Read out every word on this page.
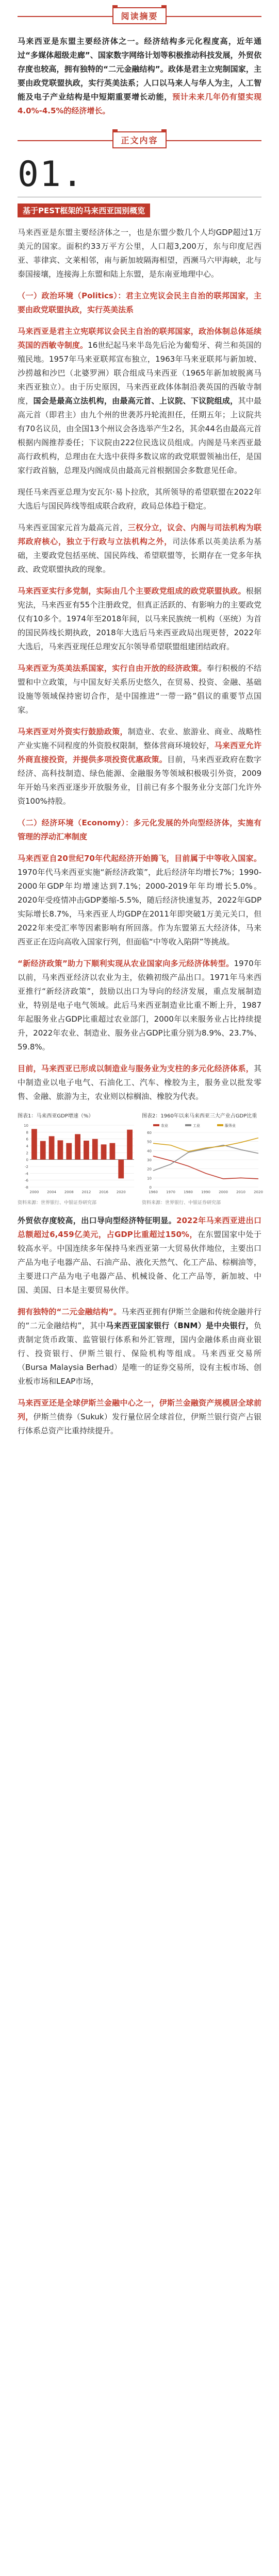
阅读摘要

马来西亚是东盟主要经济体之一。经济结构多元化程度高，近年通过“多媒体超级走廊”、国家数字网络计划等积极推动科技发展，外贸依存度也较高，拥有独特的“二元金融结构”。政体是君主立宪制国家，主要由政党联盟执政，实行英美法系；人口以马来人与华人为主，人工智能及电子产业结构是中短期重要增长动能，预计未来几年仍有望实现4.0%-4.5%的经济增长。

正文内容
01.
基于PEST框架的马来西亚国别概览

马来西亚是东盟主要经济体之一，也是东盟少数几个人均GDP超过1万美元的国家。面积约33万平方公里，人口超3,200万，东与印度尼西亚、菲律宾、文莱相邻，南与新加坡隔海相望，西濒马六甲海峡，北与泰国接壤，连接海上东盟和陆上东盟，是东南亚地理中心。

（一）政治环境（Politics）：君主立宪议会民主自治的联邦国家，主要由政党联盟执政，实行英美法系

马来西亚是君主立宪联邦议会民主自治的联邦国家，政治体制总体延续英国的西敏寺制度。16世纪起马来半岛先后沦为葡萄牙、荷兰和英国的殖民地。1957年马来亚联邦宣布独立，1963年马来亚联邦与新加坡、沙捞越和沙巴（北婆罗洲）联合组成马来西亚（1965年新加坡脱离马来西亚独立）。由于历史原因，马来西亚政体体制沿袭英国的西敏寺制度，国会是最高立法机构，由最高元首、上议院、下议院组成，其中最高元首（即君主）由九个州的世袭苏丹轮流担任，任期五年；上议院共有70名议员，由全国13个州议会各选举产生2名，其余44名由最高元首根据内阁推荐委任；下议院由222位民选议员组成。内阁是马来西亚最高行政机构，总理由在大选中获得多数议席的政党联盟领袖出任，是国家行政首脑，总理及内阁成员由最高元首根据国会多数意见任命。

现任马来西亚总理为安瓦尔·易卜拉欣，其所领导的希望联盟在2022年大选后与国民阵线等组成联合政府，政局总体趋于稳定。

马来西亚国家元首为最高元首，三权分立，议会、内阁与司法机构为联邦政府核心，独立于行政与立法机构之外，司法体系以英美法系为基础，主要政党包括巫统、国民阵线、希望联盟等，长期存在一党多年执政、政党联盟执政的现象。

马来西亚实行多党制，实际由几个主要政党组成的政党联盟执政。根据宪法，马来西亚有55个注册政党，但真正活跃的、有影响力的主要政党仅有10多个。1974年至2018年间，以马来民族统一机构（巫统）为首的国民阵线长期执政，2018年大选后马来西亚政局出现更替，2022年大选后，马来西亚现任总理安瓦尔领导希望联盟组建团结政府。

马来西亚为英美法系国家，实行自由开放的经济政策。奉行积极的不结盟和中立政策，与中国友好关系历史悠久，在贸易、投资、金融、基础设施等领域保持密切合作，是中国推进“一带一路”倡议的重要节点国家。

马来西亚对外资实行鼓励政策，制造业、农业、旅游业、商业、战略性产业实施不同程度的外资股权限制，整体营商环境较好，马来西亚允许外商直接投资，并提供多项投资优惠政策。目前，马来西亚政府在数字经济、高科技制造、绿色能源、金融服务等领域积极吸引外资，2009年开始马来西亚逐步开放服务业，目前已有多个服务业分支部门允许外资100%持股。

（二）经济环境（Economy）：多元化发展的外向型经济体，实施有管理的浮动汇率制度

马来西亚自20世纪70年代起经济开始腾飞，目前属于中等收入国家。1970年代马来西亚实施“新经济政策”，此后经济年均增长7%；1990-2000年GDP年均增速达到7.1%；2000-2019年年均增长5.0%。2020年受疫情冲击GDP萎缩-5.5%，随后经济快速复苏，2022年GDP实际增长8.7%，马来西亚人均GDP在2011年即突破1万美元关口，但2022年来受汇率等因素影响有所回落。作为东盟第五大经济体，马来西亚正在迈向高收入国家行列，但面临“中等收入陷阱”等挑战。

“新经济政策”助力下顺利实现从农业国家向多元经济体转型。1970年以前，马来西亚经济以农业为主，依赖初级产品出口。1971年马来西亚推行“新经济政策”，鼓励以出口为导向的经济发展，重点发展制造业，特别是电子电气领域。此后马来西亚制造业比重不断上升，1987年起服务业占GDP比重超过农业部门，2000年以来服务业占比持续提升，2022年农业、制造业、服务业占GDP比重分别为8.9%、23.7%、59.8%。

目前，马来西亚已形成以制造业与服务业为支柱的多元化经济体系，其中制造业以电子电气、石油化工、汽车、橡胶为主，服务业以批发零售、金融、旅游为主，农业则以棕榈油、橡胶为代表。

图表1：马来西亚GDP增速（%）
-8
-6
-4
-2
0
2
4
6
8
10
2000 2004 2008 2012 2016 2020
资料来源：世界银行、中银证券研究部
图表2：1960年以来马来西亚三大产业占GDP比重
0
10
20
30
40
50
60
1960 1970 1980 1990 2000 2010 2020
农业	工业	服务业
资料来源：世界银行、中银证券研究部

外贸依存度较高，出口导向型经济特征明显。2022年马来西亚进出口总额超过6,459亿美元，占GDP比重超过150%，在东盟国家中处于较高水平。中国连续多年保持马来西亚第一大贸易伙伴地位，主要出口产品为电子电器产品、石油产品、液化天然气、化工产品、棕榈油等，主要进口产品为电子电器产品、机械设备、化工产品等，新加坡、中国、美国、日本是主要贸易伙伴。

拥有独特的“二元金融结构”。马来西亚拥有伊斯兰金融和传统金融并行的“二元金融结构”，其中马来西亚国家银行（BNM）是中央银行，负责制定货币政策、监管银行体系和外汇管理，国内金融体系由商业银行、投资银行、伊斯兰银行、保险机构等组成。马来西亚交易所（Bursa Malaysia Berhad）是唯一的证券交易所，设有主板市场、创业板市场和LEAP市场，

马来西亚还是全球伊斯兰金融中心之一，伊斯兰金融资产规模居全球前列，伊斯兰债券（Sukuk）发行量位居全球首位，伊斯兰银行资产占银行体系总资产比重持续提升。
